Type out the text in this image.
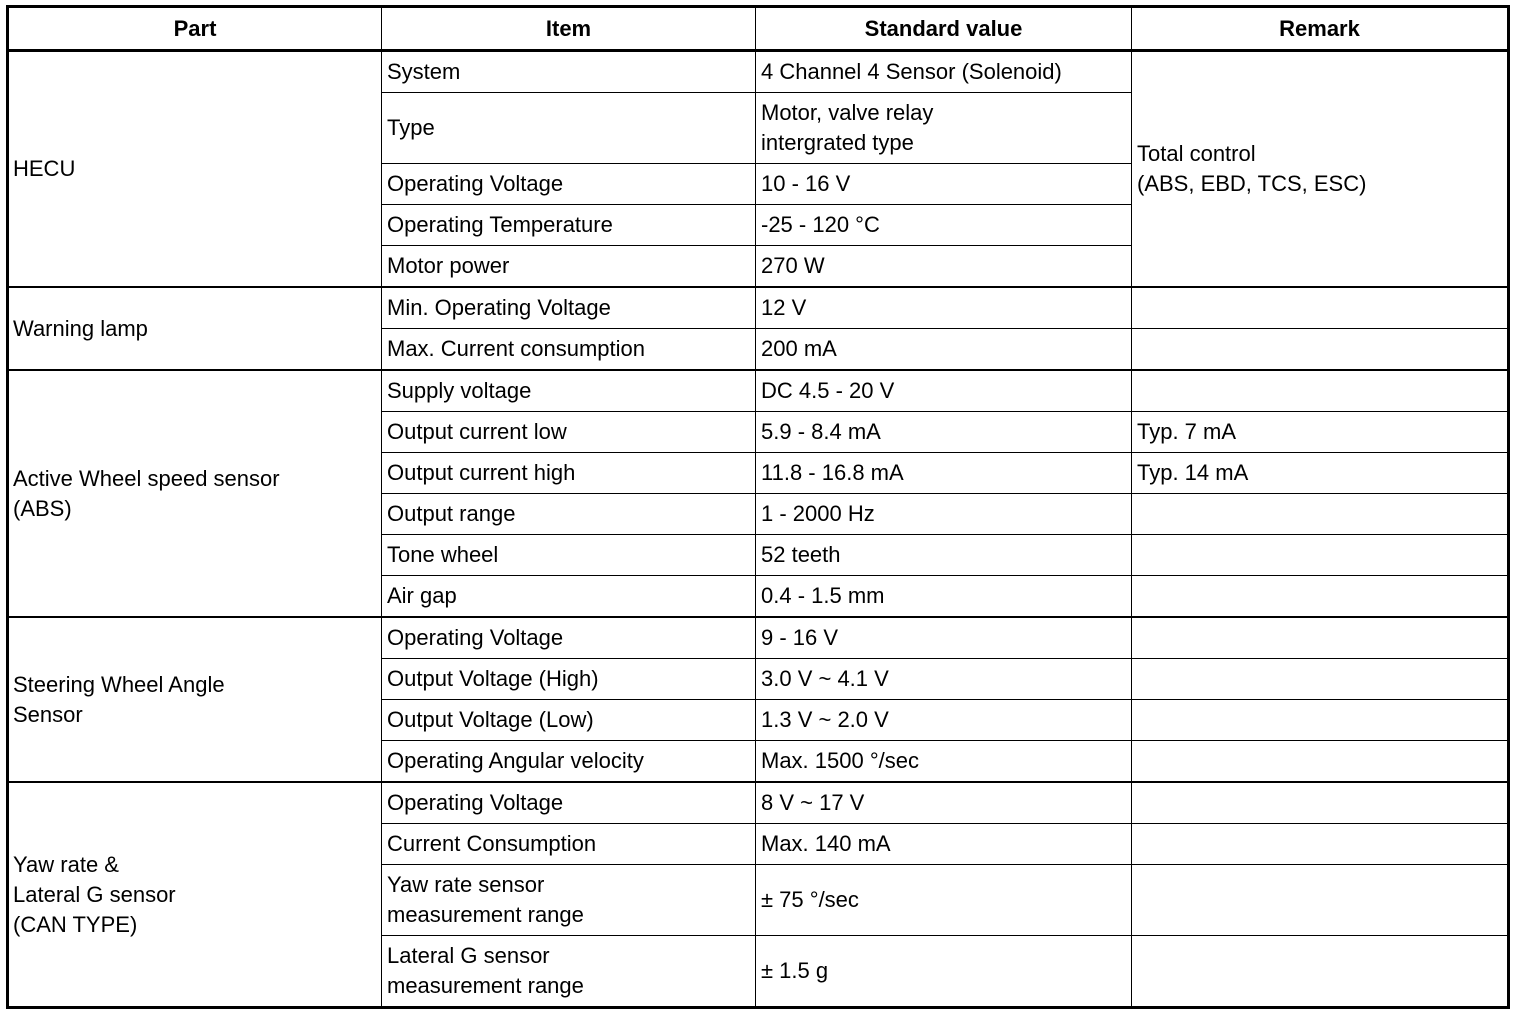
Part	Item	Standard value	Remark
HECU	System	4 Channel 4 Sensor (Solenoid)	Total control
(ABS, EBD, TCS, ESC)
	Type	Motor, valve relay
intergrated type	
	Operating Voltage	10 - 16 V	
	Operating Temperature	-25 - 120 °C	
	Motor power	270 W	
Warning lamp	Min. Operating Voltage	12 V	
	Max. Current consumption	200 mA	
Active Wheel speed sensor
(ABS)	Supply voltage	DC 4.5 - 20 V	
	Output current low	5.9 - 8.4 mA	Typ. 7 mA
	Output current high	11.8 - 16.8 mA	Typ. 14 mA
	Output range	1 - 2000 Hz	
	Tone wheel	52 teeth	
	Air gap	0.4 - 1.5 mm	
Steering Wheel Angle
Sensor	Operating Voltage	9 - 16 V	
	Output Voltage (High)	3.0 V ~ 4.1 V	
	Output Voltage (Low)	1.3 V ~ 2.0 V	
	Operating Angular velocity	Max. 1500 °/sec	
Yaw rate &
Lateral G sensor
(CAN TYPE)	Operating Voltage	8 V ~ 17 V	
	Current Consumption	Max. 140 mA	
	Yaw rate sensor
measurement range	± 75 °/sec	
	Lateral G sensor
measurement range	± 1.5 g	
